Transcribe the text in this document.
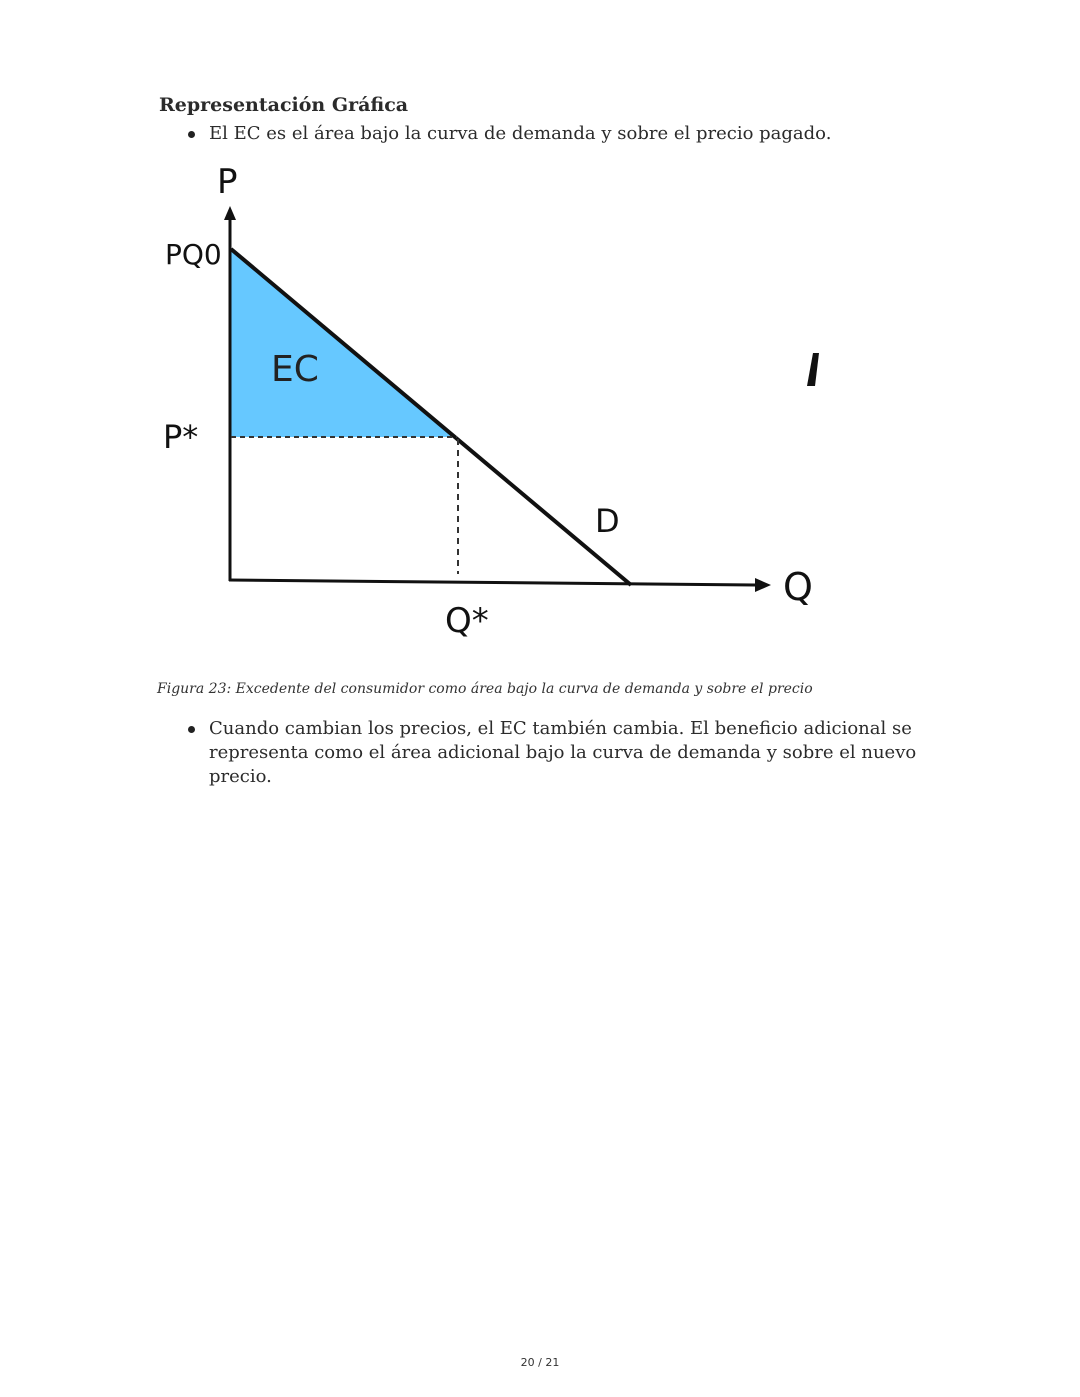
Representación Gráfica
El EC es el área bajo la curva de demanda y sobre el precio pagado.
P
Q
PQ0
P*
Q*
EC
D

Figura 23: Excedente del consumidor como área bajo la curva de demanda y sobre el precio

Cuando cambian los precios, el EC también cambia. El beneficio adicional se representa como el área adicional bajo la curva de demanda y sobre el nuevo precio.
20 / 21
